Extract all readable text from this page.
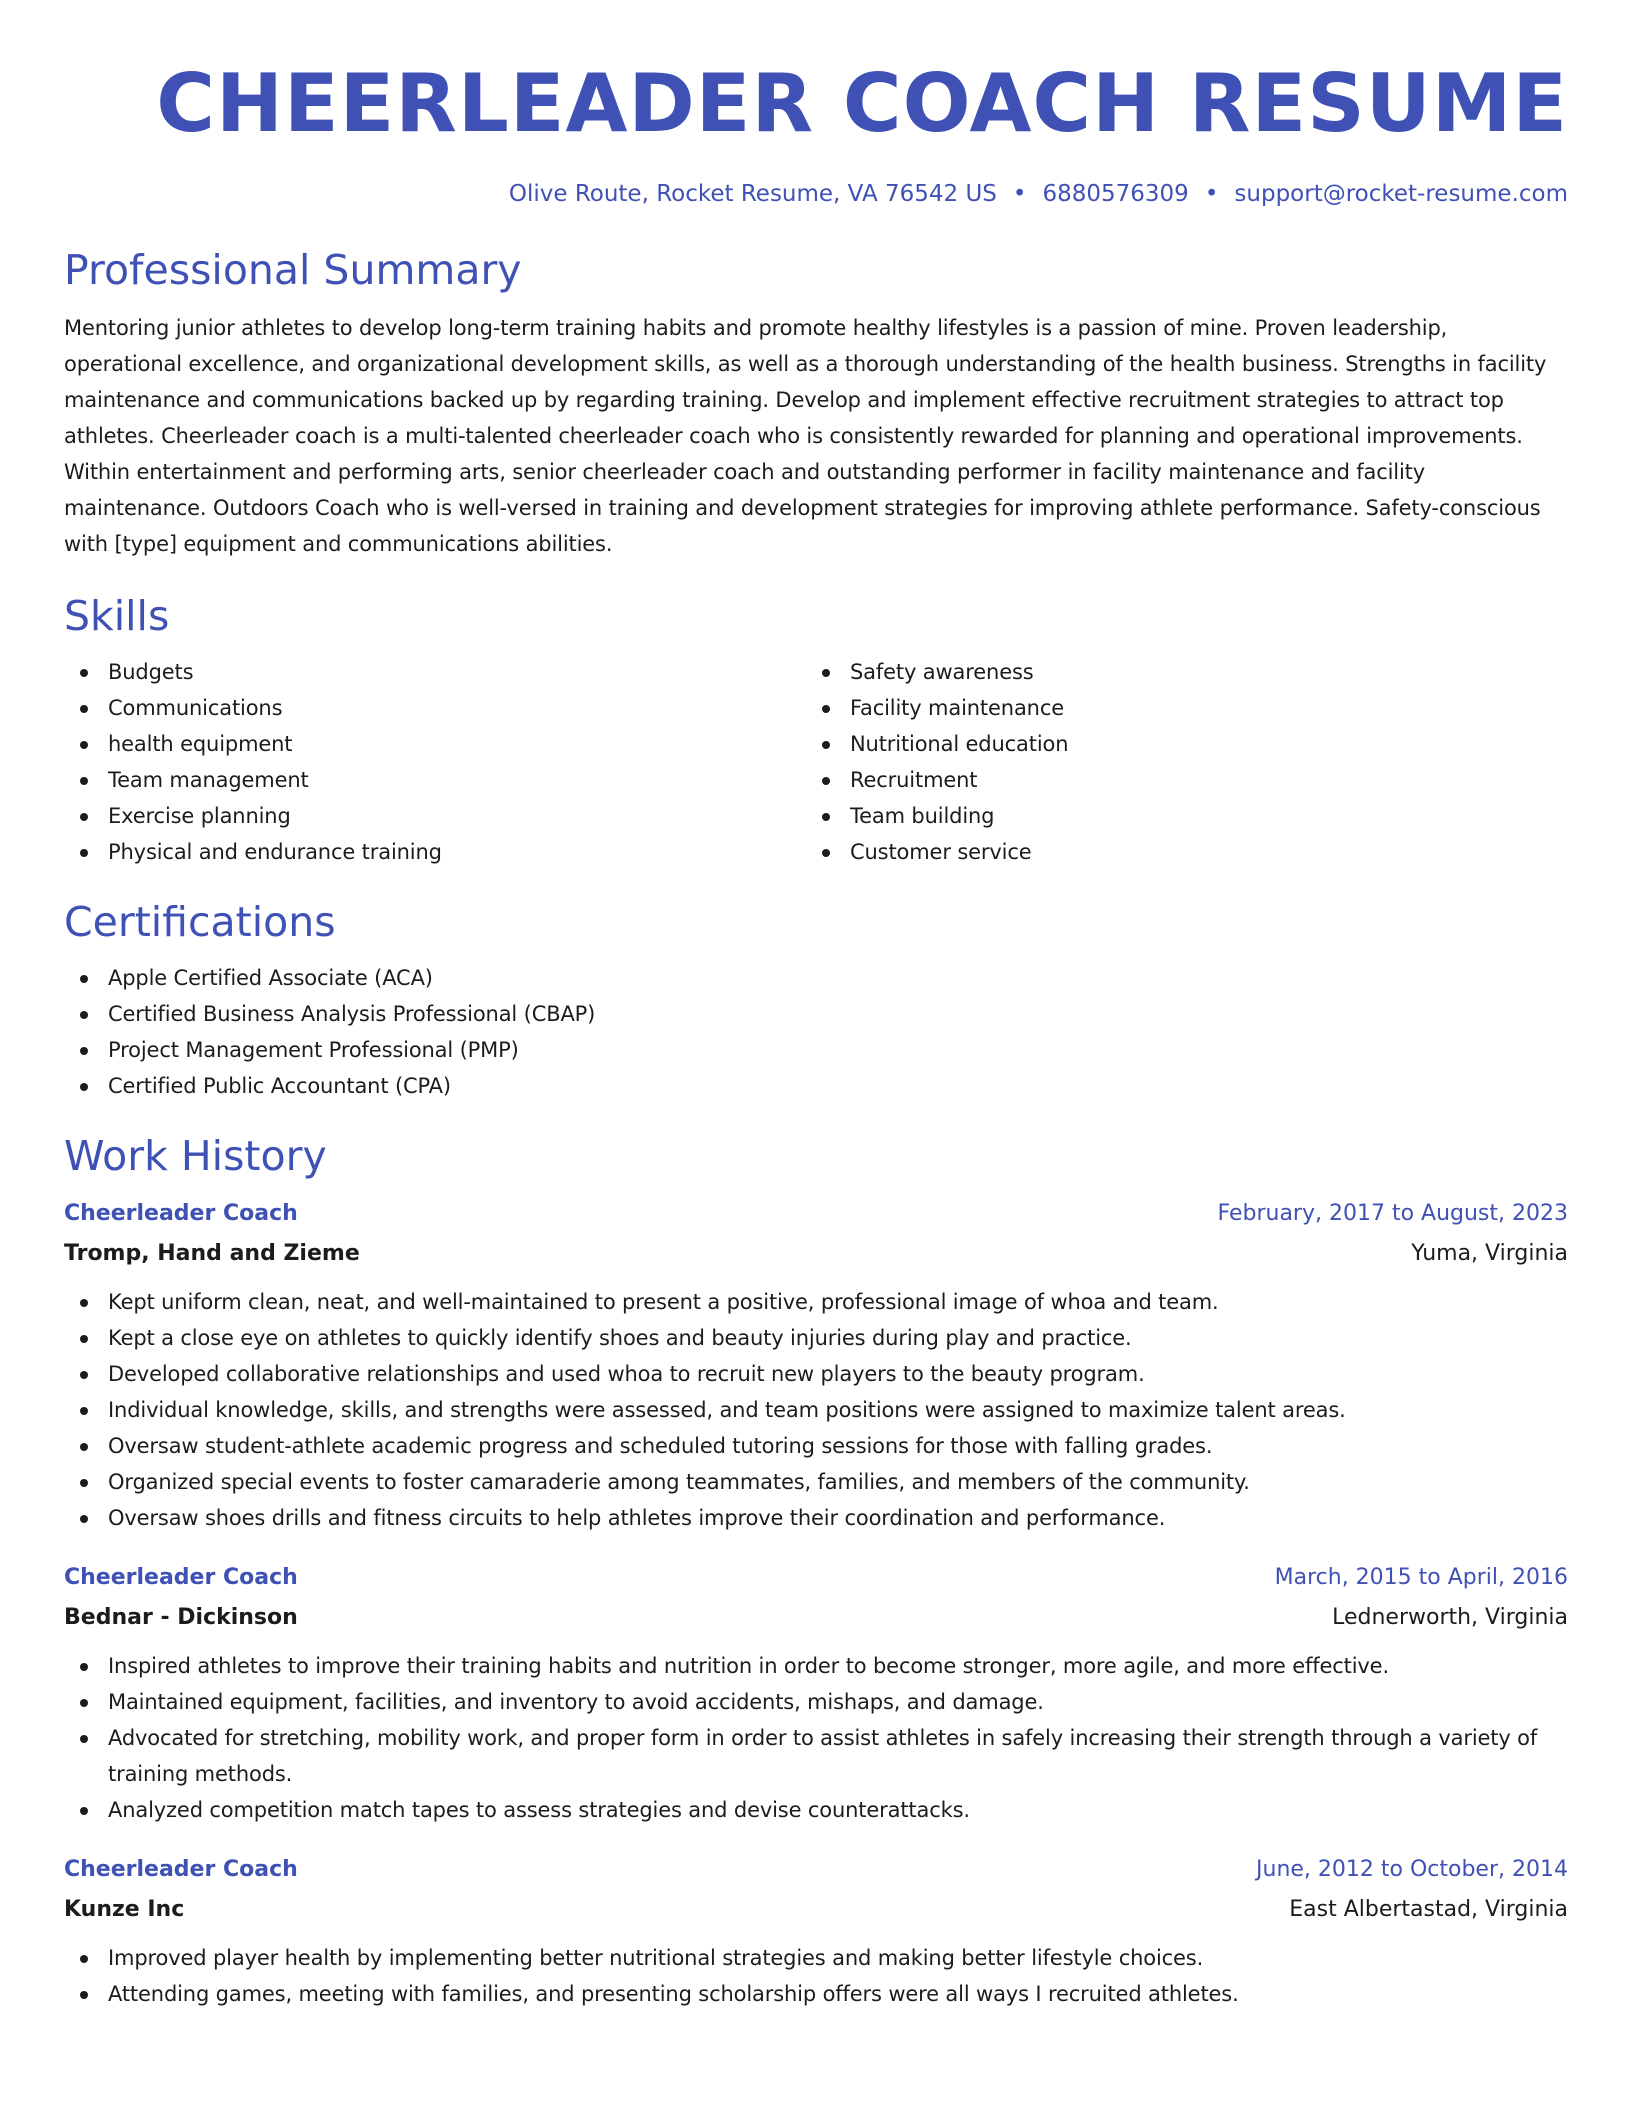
CHEERLEADER COACH RESUME
Olive Route, Rocket Resume, VA 76542 US • 6880576309 • support@rocket-resume.com
Professional Summary

Mentoring junior athletes to develop long-term training habits and promote healthy lifestyles is a passion of mine. Proven leadership, operational excellence, and organizational development skills, as well as a thorough understanding of the health business. Strengths in facility maintenance and communications backed up by regarding training. Develop and implement effective recruitment strategies to attract top athletes. Cheerleader coach is a multi-talented cheerleader coach who is consistently rewarded for planning and operational improvements. Within entertainment and performing arts, senior cheerleader coach and outstanding performer in facility maintenance and facility maintenance. Outdoors Coach who is well-versed in training and development strategies for improving athlete performance. Safety-conscious with [type] equipment and communications abilities.

Skills
Budgets
Communications
health equipment
Team management
Exercise planning
Physical and endurance training
Safety awareness
Facility maintenance
Nutritional education
Recruitment
Team building
Customer service
Certifications
Apple Certified Associate (ACA)
Certified Business Analysis Professional (CBAP)
Project Management Professional (PMP)
Certified Public Accountant (CPA)
Work History
Cheerleader Coach	February, 2017 to August, 2023
Tromp, Hand and Zieme	Yuma, Virginia
Kept uniform clean, neat, and well-maintained to present a positive, professional image of whoa and team.
Kept a close eye on athletes to quickly identify shoes and beauty injuries during play and practice.
Developed collaborative relationships and used whoa to recruit new players to the beauty program.
Individual knowledge, skills, and strengths were assessed, and team positions were assigned to maximize talent areas.
Oversaw student-athlete academic progress and scheduled tutoring sessions for those with falling grades.
Organized special events to foster camaraderie among teammates, families, and members of the community.
Oversaw shoes drills and fitness circuits to help athletes improve their coordination and performance.
Cheerleader Coach	March, 2015 to April, 2016
Bednar - Dickinson	Lednerworth, Virginia
Inspired athletes to improve their training habits and nutrition in order to become stronger, more agile, and more effective.
Maintained equipment, facilities, and inventory to avoid accidents, mishaps, and damage.
Advocated for stretching, mobility work, and proper form in order to assist athletes in safely increasing their strength through a variety of training methods.
Analyzed competition match tapes to assess strategies and devise counterattacks.
Cheerleader Coach	June, 2012 to October, 2014
Kunze Inc	East Albertastad, Virginia
Improved player health by implementing better nutritional strategies and making better lifestyle choices.
Attending games, meeting with families, and presenting scholarship offers were all ways I recruited athletes.
